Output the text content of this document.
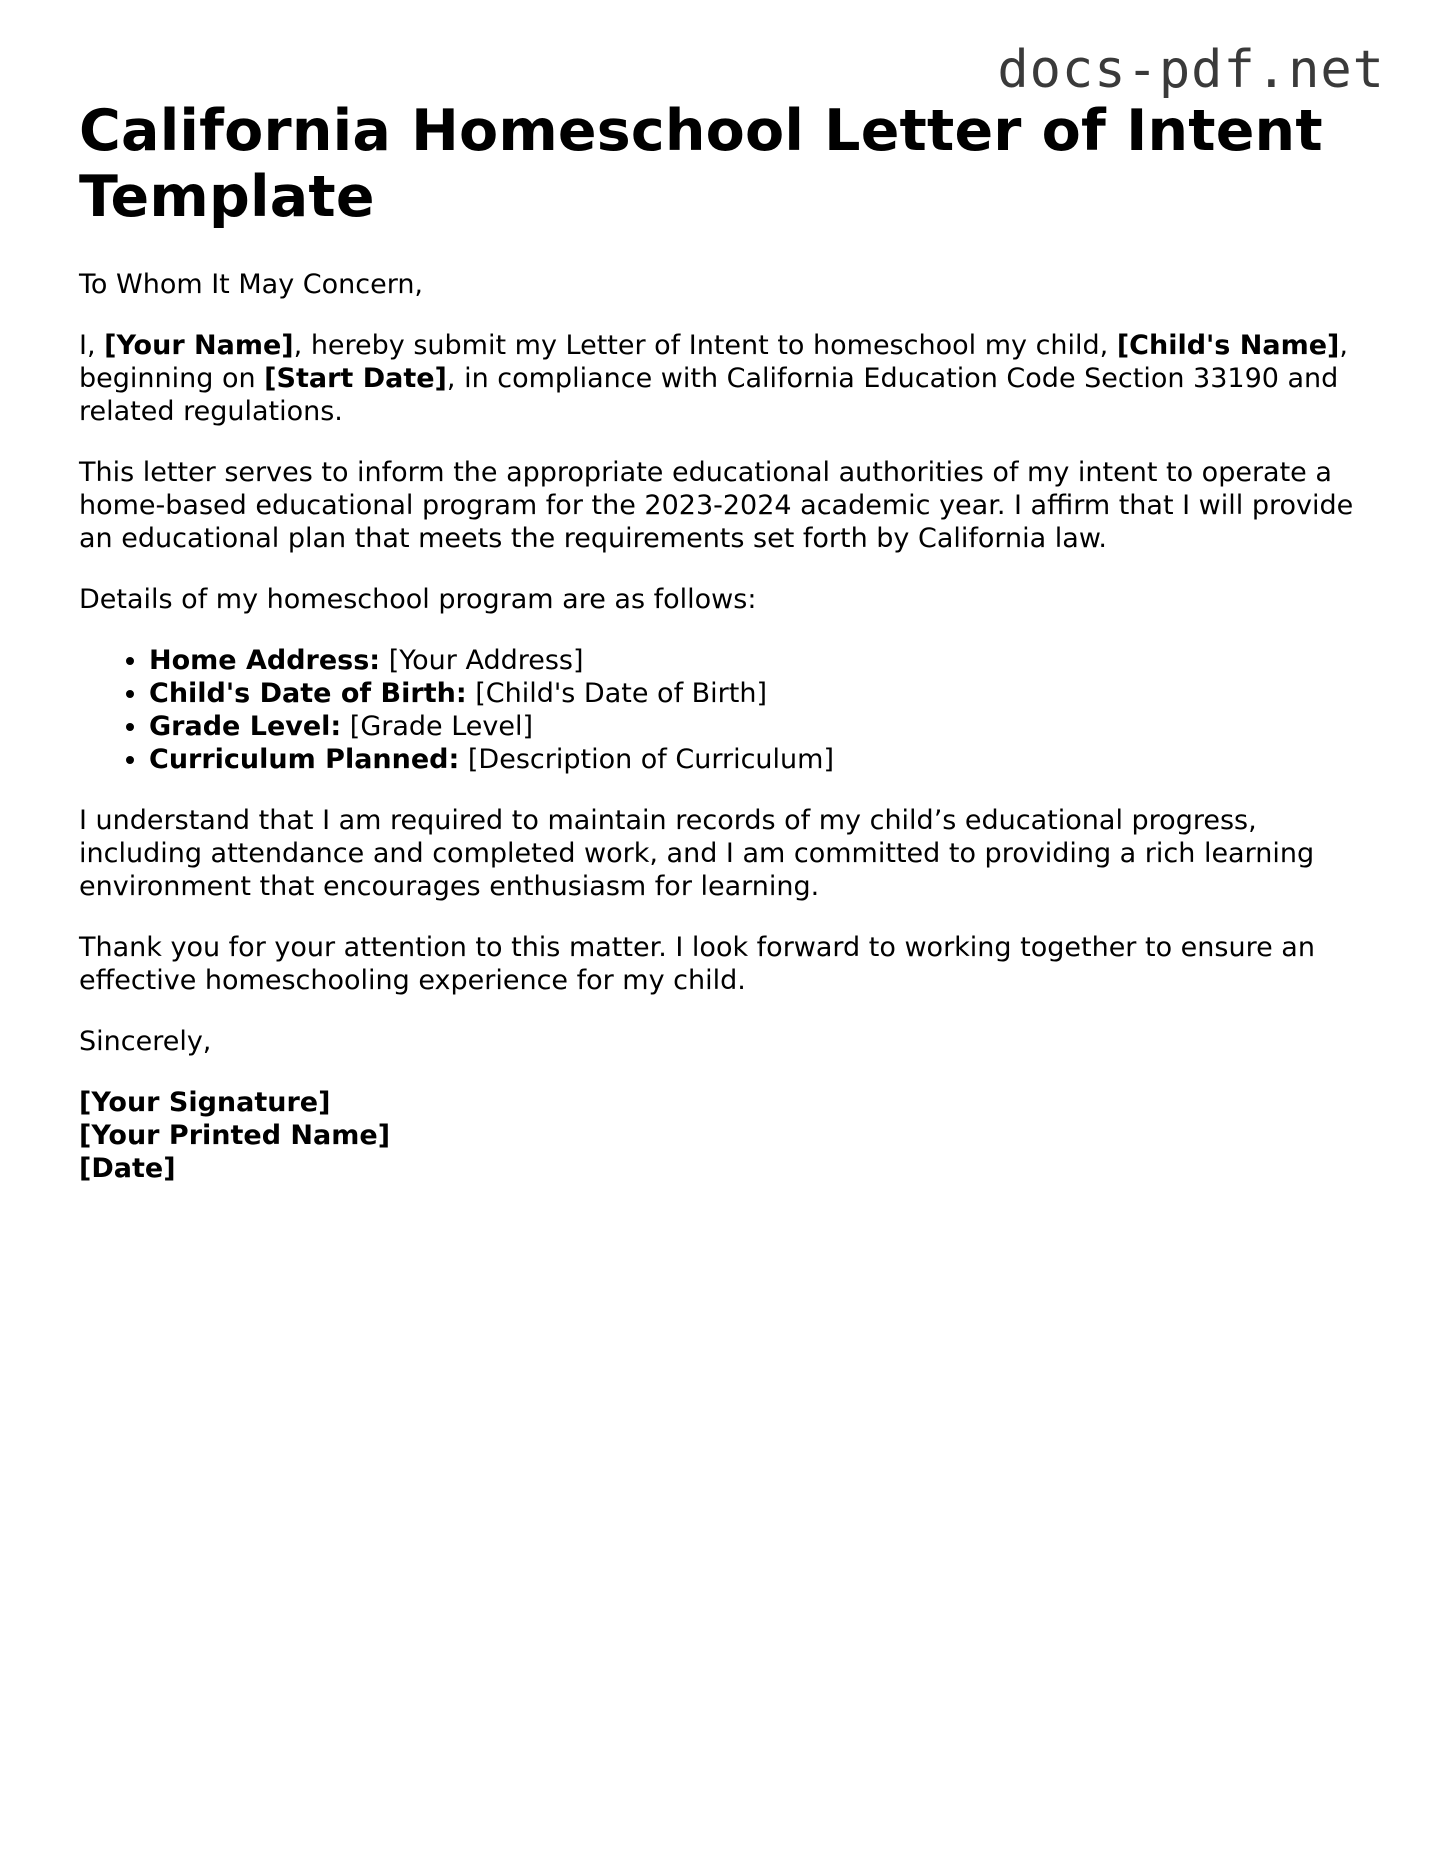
docs-pdf.net
California Homeschool Letter of Intent Template

To Whom It May Concern,

I, [Your Name], hereby submit my Letter of Intent to homeschool my child, [Child's Name], beginning on [Start Date], in compliance with California Education Code Section 33190 and related regulations.

This letter serves to inform the appropriate educational authorities of my intent to operate a home-based educational program for the 2023-2024 academic year. I affirm that I will provide an educational plan that meets the requirements set forth by California law.

Details of my homeschool program are as follows:

• Home Address: [Your Address]
• Child's Date of Birth: [Child's Date of Birth]
• Grade Level: [Grade Level]
• Curriculum Planned: [Description of Curriculum]

I understand that I am required to maintain records of my child’s educational progress, including attendance and completed work, and I am committed to providing a rich learning environment that encourages enthusiasm for learning.

Thank you for your attention to this matter. I look forward to working together to ensure an effective homeschooling experience for my child.

Sincerely,

[Your Signature]
[Your Printed Name]
[Date]
